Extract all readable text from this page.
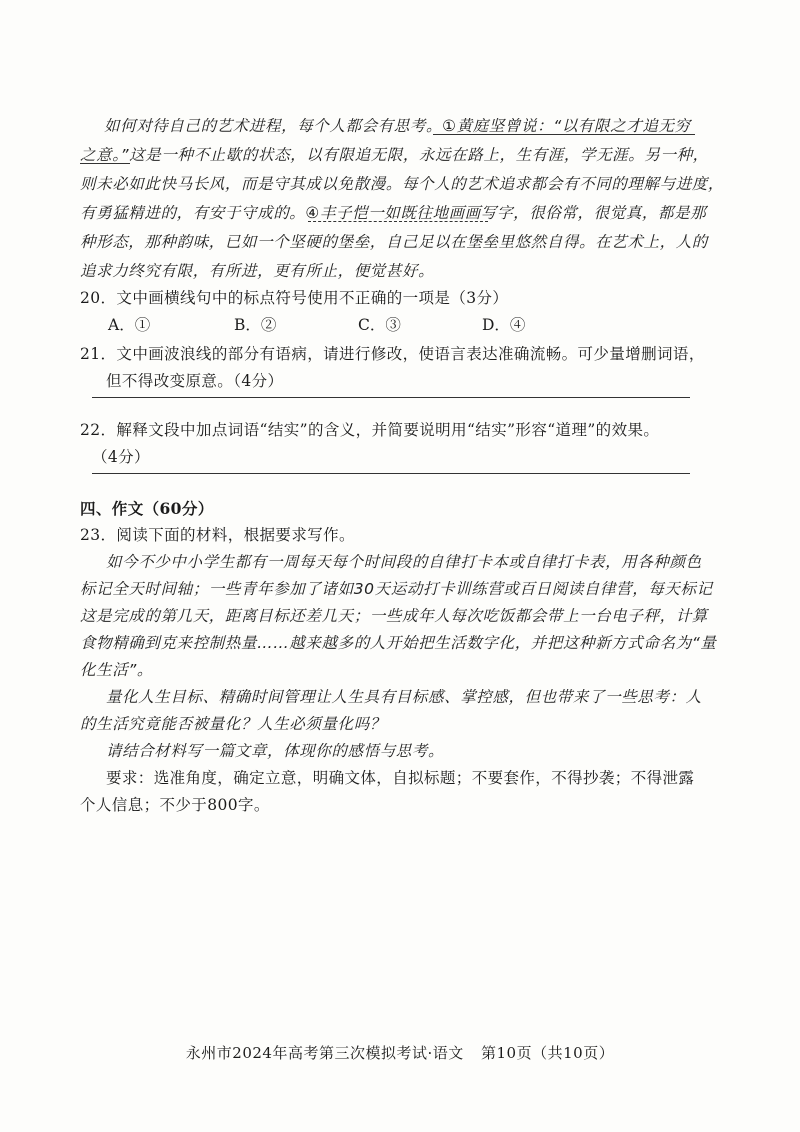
如何对待自己的艺术进程，每个人都会有思考。①黄庭坚曾说：“以有限之才追无穷
之意。”这是一种不止歇的状态，以有限追无限，永远在路上，生有涯，学无涯。另一种，
则未必如此快马长风，而是守其成以免散漫。每个人的艺术追求都会有不同的理解与进度，
有勇猛精进的，有安于守成的。④丰子恺一如既往地画画写字，很俗常，很觉真，都是那
种形态，那种韵味，已如一个坚硬的堡垒，自己足以在堡垒里悠然自得。在艺术上，人的
追求力终究有限，有所进，更有所止，便觉甚好。
20．文中画横线句中的标点符号使用不正确的一项是（3分）
A．①	B．②	C．③	D．④
21．文中画波浪线的部分有语病，请进行修改，使语言表达准确流畅。可少量增删词语，
但不得改变原意。（4分）
22．解释文段中加点词语“结实”的含义，并简要说明用“结实”形容“道理”的效果。
（4分）
四、作文（60分）
23．阅读下面的材料，根据要求写作。
如今不少中小学生都有一周每天每个时间段的自律打卡本或自律打卡表，用各种颜色
标记全天时间轴；一些青年参加了诸如30天运动打卡训练营或百日阅读自律营，每天标记
这是完成的第几天，距离目标还差几天；一些成年人每次吃饭都会带上一台电子秤，计算
食物精确到克来控制热量……越来越多的人开始把生活数字化，并把这种新方式命名为“量
化生活”。
量化人生目标、精确时间管理让人生具有目标感、掌控感，但也带来了一些思考：人
的生活究竟能否被量化？人生必须量化吗？
请结合材料写一篇文章，体现你的感悟与思考。
要求：选准角度，确定立意，明确文体，自拟标题；不要套作，不得抄袭；不得泄露
个人信息；不少于800字。
永州市2024年高考第三次模拟考试·语文 第10页（共10页）
